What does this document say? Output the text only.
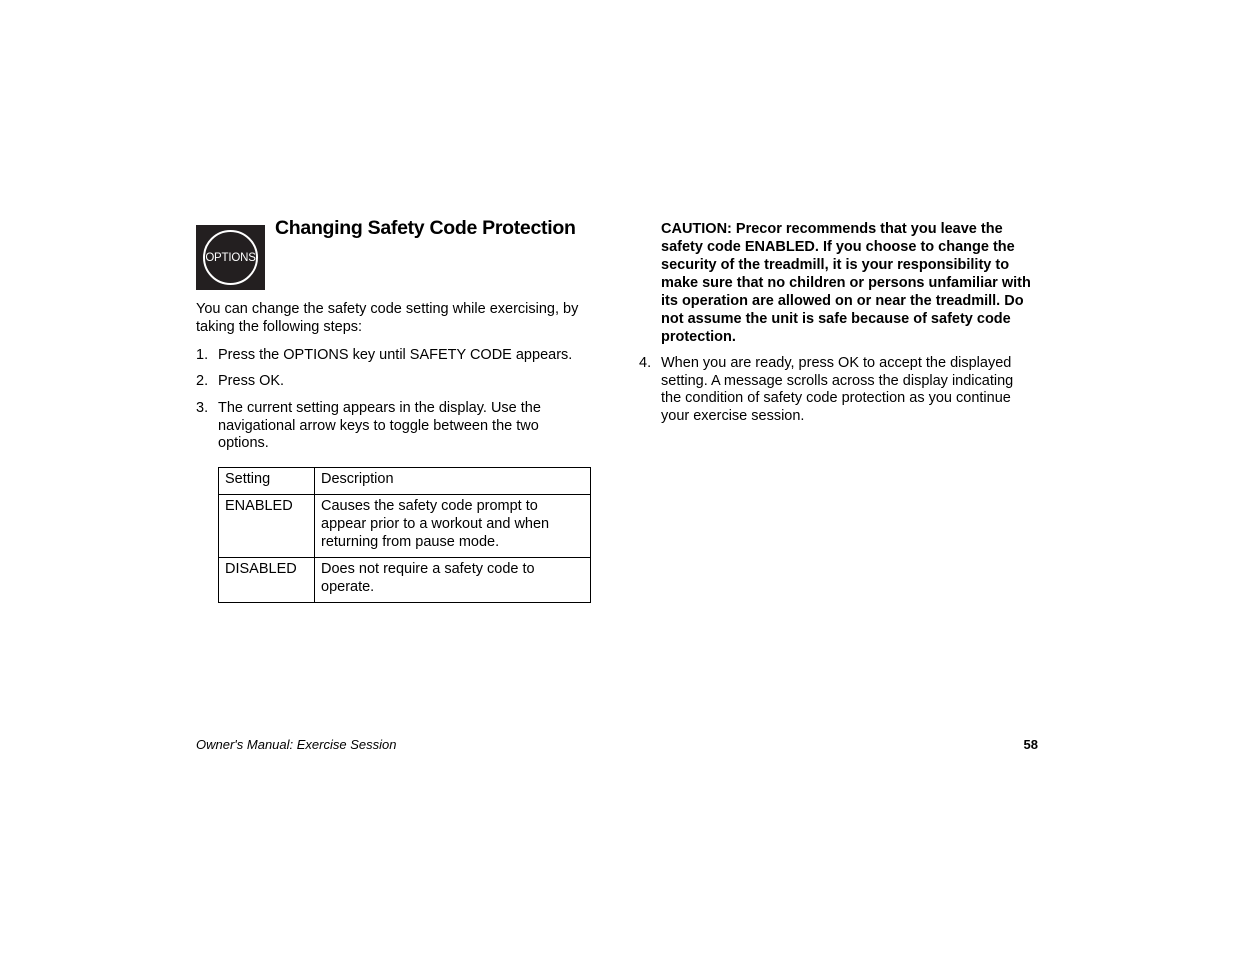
OPTIONS
Changing Safety Code Protection

You can change the safety code setting while exercising, by taking the following steps:

1. Press the OPTIONS key until SAFETY CODE appears.
2. Press OK.
3. The current setting appears in the display. Use the navigational arrow keys to toggle between the two options.
Setting	Description
ENABLED	Causes the safety code prompt to appear prior to a workout and when returning from pause mode.
DISABLED	Does not require a safety code to operate.

CAUTION: Precor recommends that you leave the safety code ENABLED. If you choose to change the security of the treadmill, it is your responsibility to make sure that no children or persons unfamiliar with its operation are allowed on or near the treadmill. Do not assume the unit is safe because of safety code protection.

4. When you are ready, press OK to accept the displayed setting. A message scrolls across the display indicating the condition of safety code protection as you continue your exercise session.
Owner's Manual: Exercise Session	58
